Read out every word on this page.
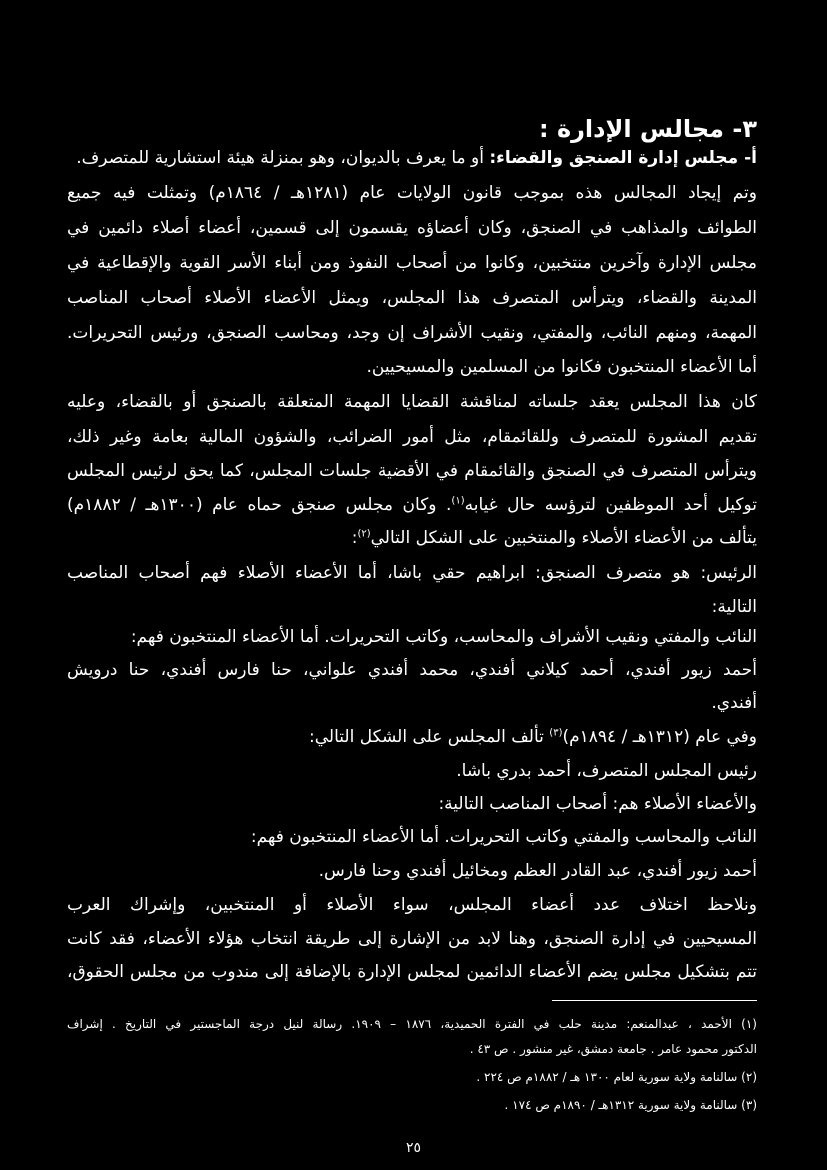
٣- مجالس الإدارة :
أ- مجلس إدارة الصنجق والقضاء: أو ما يعرف بالديوان، وهو بمنزلة هيئة استشارية للمتصرف.
وتم إيجاد المجالس هذه بموجب قانون الولايات عام (١٢٨١هـ / ١٨٦٤م) وتمثلت فيه جميع
الطوائف والمذاهب في الصنجق، وكان أعضاؤه يقسمون إلى قسمين، أعضاء أصلاء دائمين في
مجلس الإدارة وآخرين منتخبين، وكانوا من أصحاب النفوذ ومن أبناء الأسر القوية والإقطاعية في
المدينة والقضاء، ويترأس المتصرف هذا المجلس، ويمثل الأعضاء الأصلاء أصحاب المناصب
المهمة، ومنهم النائب، والمفتي، ونقيب الأشراف إن وجد، ومحاسب الصنجق، ورئيس التحريرات.
أما الأعضاء المنتخبون فكانوا من المسلمين والمسيحيين.
كان هذا المجلس يعقد جلساته لمناقشة القضايا المهمة المتعلقة بالصنجق أو بالقضاء، وعليه
تقديم المشورة للمتصرف وللقائمقام، مثل أمور الضرائب، والشؤون المالية بعامة وغير ذلك،
ويترأس المتصرف في الصنجق والقائمقام في الأقضية جلسات المجلس، كما يحق لرئيس المجلس
توكيل أحد الموظفين لترؤسه حال غيابه$^{(١)}$. وكان مجلس صنجق حماه عام (١٣٠٠هـ / ١٨٨٢م)
يتألف من الأعضاء الأصلاء والمنتخبين على الشكل التالي$^{(٢)}$:
الرئيس: هو متصرف الصنجق: ابراهيم حقي باشا، أما الأعضاء الأصلاء فهم أصحاب المناصب
التالية:
النائب والمفتي ونقيب الأشراف والمحاسب، وكاتب التحريرات. أما الأعضاء المنتخبون فهم:
أحمد زيور أفندي، أحمد كيلاني أفندي، محمد أفندي علواني، حنا فارس أفندي، حنا درويش
أفندي.
وفي عام (١٣١٢هـ / ١٨٩٤م)$^{(٣)}$ تألف المجلس على الشكل التالي:
رئيس المجلس المتصرف، أحمد بدري باشا.
والأعضاء الأصلاء هم: أصحاب المناصب التالية:
النائب والمحاسب والمفتي وكاتب التحريرات. أما الأعضاء المنتخبون فهم:
أحمد زيور أفندي، عبد القادر العظم ومخائيل أفندي وحنا فارس.
ونلاحظ اختلاف عدد أعضاء المجلس، سواء الأصلاء أو المنتخبين، وإشراك العرب
المسيحيين في إدارة الصنجق، وهنا لابد من الإشارة إلى طريقة انتخاب هؤلاء الأعضاء، فقد كانت
تتم بتشكيل مجلس يضم الأعضاء الدائمين لمجلس الإدارة بالإضافة إلى مندوب من مجلس الحقوق،
(١) الأحمد ، عبدالمنعم: مدينة حلب في الفترة الحميدية، ١٨٧٦ – ١٩٠٩. رسالة لنيل درجة الماجستير في التاريخ . إشراف
الدكتور محمود عامر . جامعة دمشق، غير منشور . ص ٤٣ .
(٢) سالنامة ولاية سورية لعام ١٣٠٠ هـ / ١٨٨٢م ص ٢٢٤ .
(٣) سالنامة ولاية سورية ١٣١٢هـ / ١٨٩٠م ص ١٧٤ .
٢٥
